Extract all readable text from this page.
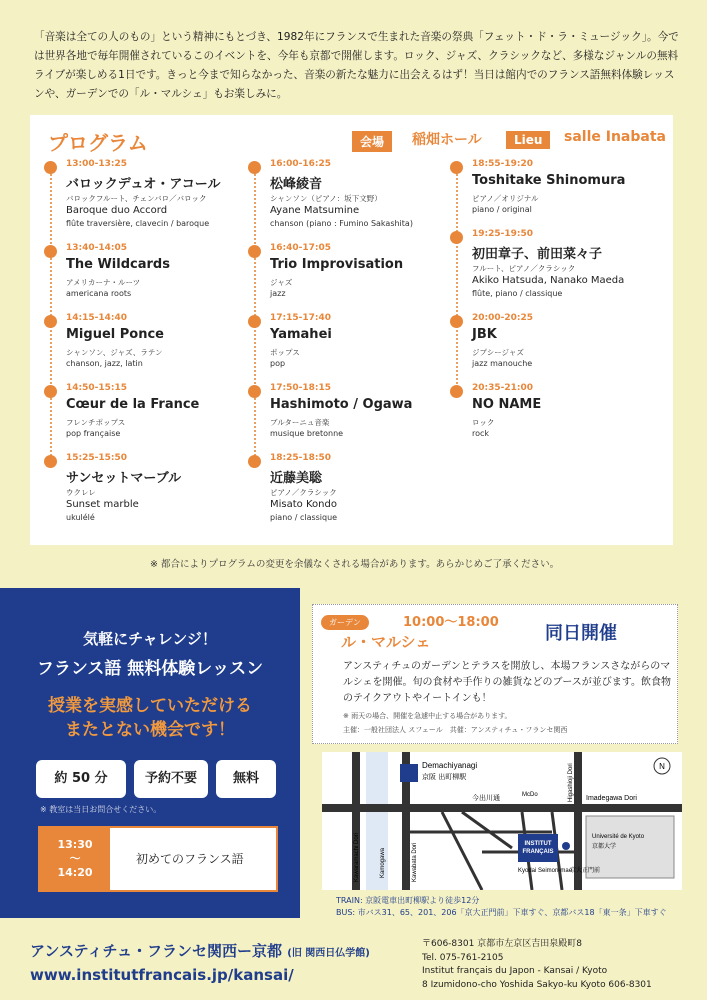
「音楽は全ての人のもの」という精神にもとづき、1982年にフランスで生まれた音楽の祭典「フェット・ド・ラ・ミュージック」。今では世界各地で毎年開催されているこのイベントを、今年も京都で開催します。ロック、ジャズ、クラシックなど、多様なジャンルの無料ライブが楽しめる1日です。きっと今まで知らなかった、音楽の新たな魅力に出会えるはず！当日は館内でのフランス語無料体験レッスンや、ガーデンでの「ル・マルシェ」もお楽しみに。
プログラム	会場	稲畑ホール	Lieu	salle Inabata
13:00-13:25
バロックデュオ・アコール
バロックフルート、チェンバロ／バロック
Baroque duo Accord
flûte traversière, clavecin / baroque
13:40-14:05
The Wildcards
アメリカーナ・ルーツ
americana roots
14:15-14:40
Miguel Ponce
シャンソン、ジャズ、ラテン
chanson, jazz, latin
14:50-15:15
Cœur de la France
フレンチポップス
pop française
15:25-15:50
サンセットマーブル
ウクレレ
Sunset marble
ukulélé
16:00-16:25
松峰綾音
シャンソン（ピアノ：坂下文野）
Ayane Matsumine
chanson (piano : Fumino Sakashita)
16:40-17:05
Trio Improvisation
ジャズ
jazz
17:15-17:40
Yamahei
ポップス
pop
17:50-18:15
Hashimoto / Ogawa
ブルターニュ音楽
musique bretonne
18:25-18:50
近藤美聡
ピアノ／クラシック
Misato Kondo
piano / classique
18:55-19:20
Toshitake Shinomura
ピアノ／オリジナル
piano / original
19:25-19:50
初田章子、前田菜々子
フルート、ピアノ／クラシック
Akiko Hatsuda, Nanako Maeda
flûte, piano / classique
20:00-20:25
JBK
ジプシージャズ
jazz manouche
20:35-21:00
NO NAME
ロック
rock
※ 都合によりプログラムの変更を余儀なくされる場合があります。あらかじめご了承ください。
気軽にチャレンジ！
フランス語 無料体験レッスン
授業を実感していただける
またとない機会です！
約 50 分	予約不要	無料
※ 教室は当日お問合せください。
13:30
〜
14:20
初めてのフランス語
ガーデン	10:00〜18:00
ル・マルシェ	同日開催
アンスティチュのガーデンとテラスを開放し、本場フランスさながらのマルシェを開催。旬の食材や手作りの雑貨などのブースが並びます。飲食物のテイクアウトやイートインも！
※ 雨天の場合、開催を急遽中止する場合があります。
主催：一般社団法人 スフェール　共催：アンスティチュ・フランセ関西
INSTITUT
FRANÇAIS
N
Demachiyanagi
京阪 出町柳駅
今出川通	Imadegawa Dori
McDo
京大正門前
Kyodai Seimon-mae
Université de Kyoto
京都大学
Kawaramachi Dori	Kawabata Dori
Higashioji Dori
Kamogawa
TRAIN: 京阪電車出町柳駅より徒歩12分
BUS: 市バス31、65、201、206「京大正門前」下車すぐ、京都バス18「東一条」下車すぐ
アンスティチュ・フランセ関西ー京都 (旧 関西日仏学館)
www.institutfrancais.jp/kansai/
〒606-8301 京都市左京区吉田泉殿町8
Tel. 075-761-2105
Institut français du Japon - Kansai / Kyoto
8 Izumidono-cho Yoshida Sakyo-ku Kyoto 606-8301
